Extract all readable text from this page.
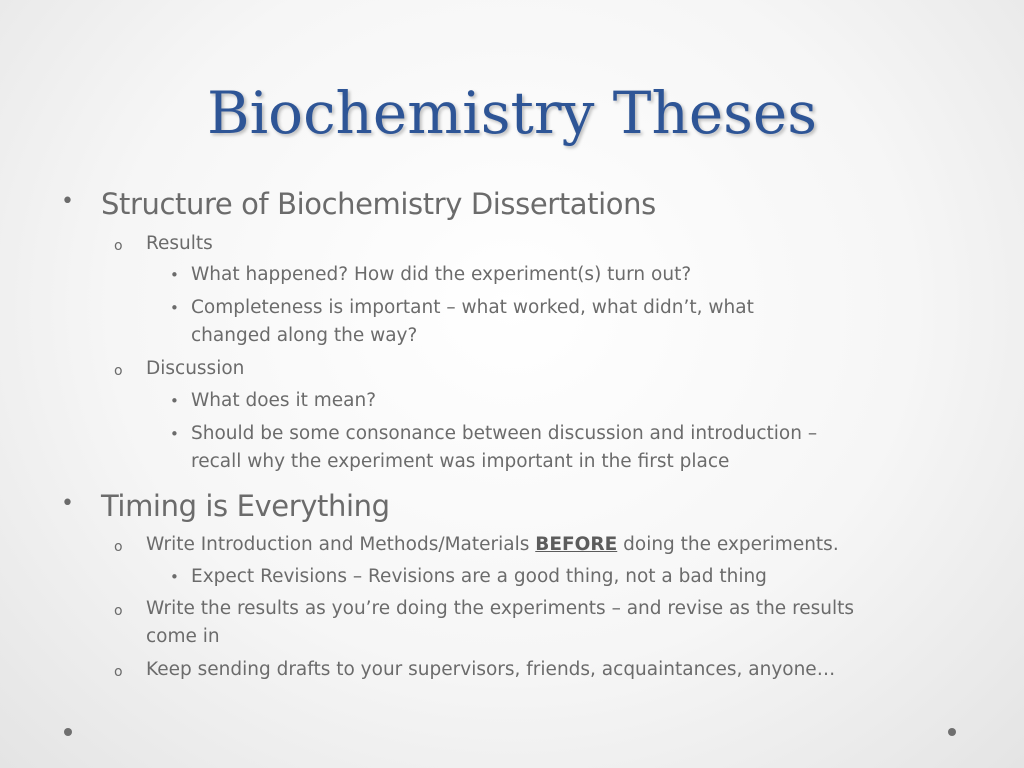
Biochemistry Theses
• Structure of Biochemistry Dissertations
o Results
• What happened? How did the experiment(s) turn out?
• Completeness is important – what worked, what didn’t, what
changed along the way?
o Discussion
• What does it mean?
• Should be some consonance between discussion and introduction –
recall why the experiment was important in the first place
• Timing is Everything
o Write Introduction and Methods/Materials BEFORE doing the experiments.
• Expect Revisions – Revisions are a good thing, not a bad thing
o Write the results as you’re doing the experiments – and revise as the results
come in
o Keep sending drafts to your supervisors, friends, acquaintances, anyone…
